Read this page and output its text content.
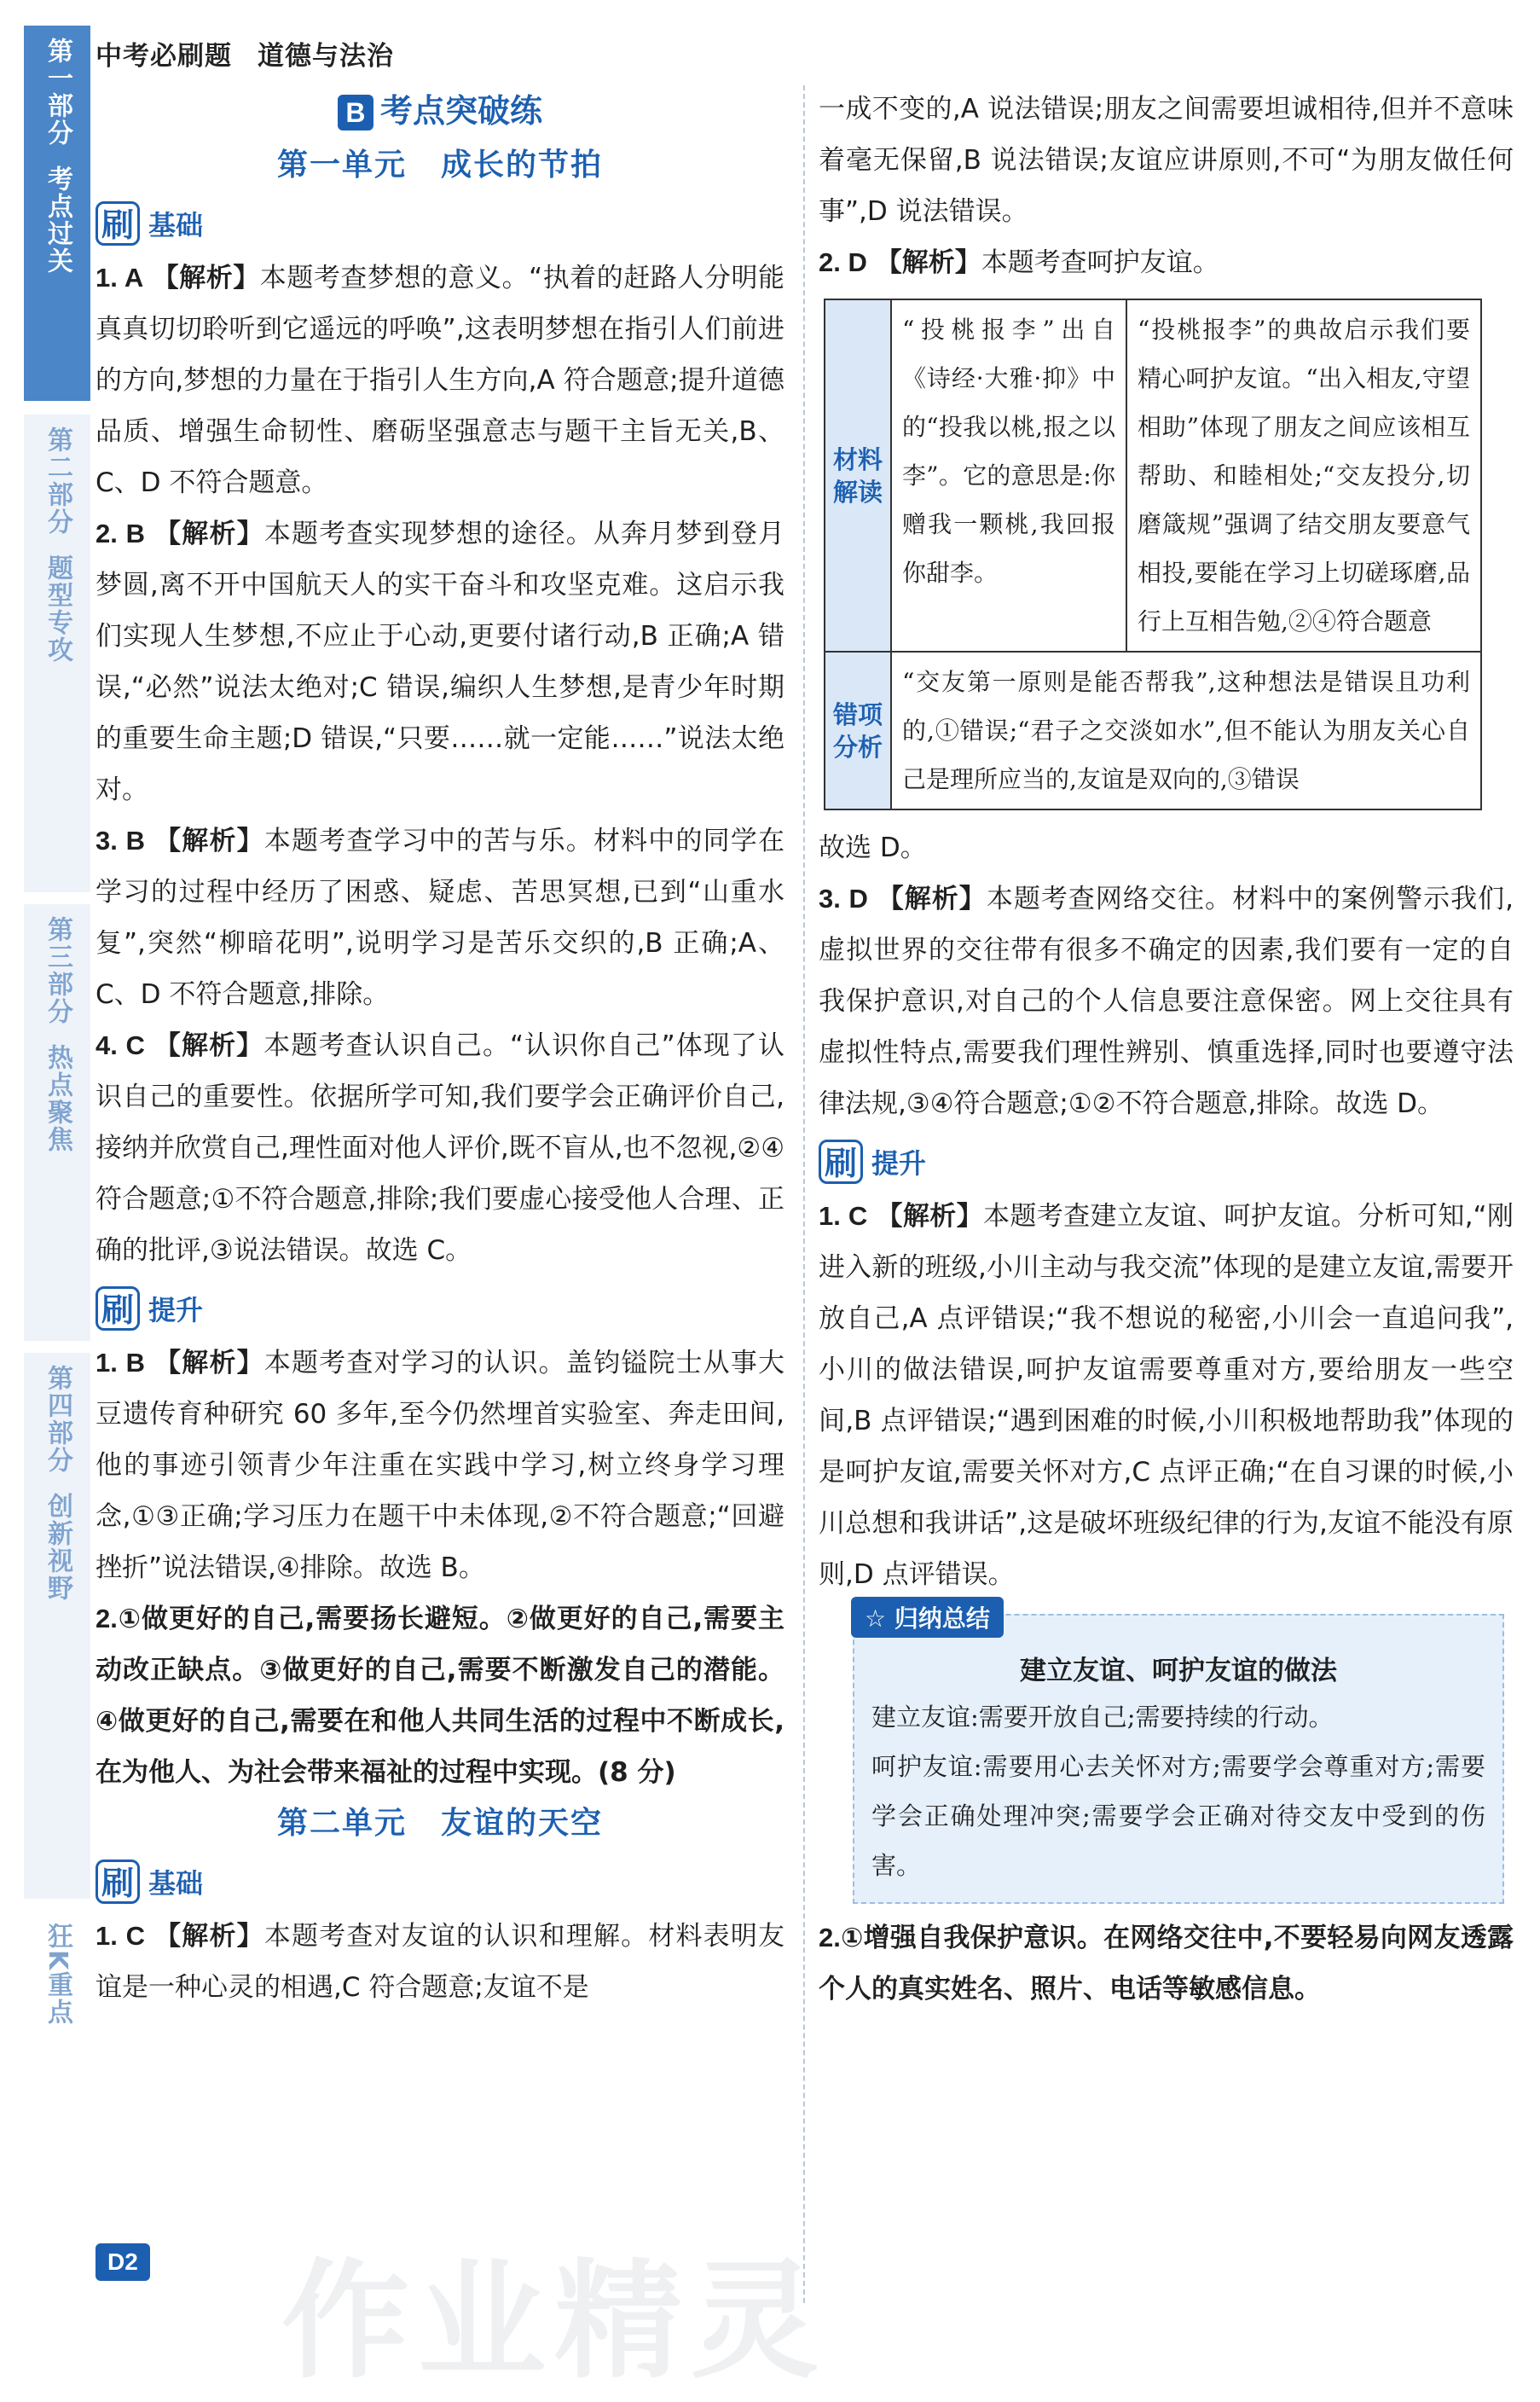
第一部分考点过关
第二部分题型专攻
第三部分热点聚焦
第四部分创新视野
狂K重点
中考必刷题 道德与法治
B 考点突破练
第一单元 成长的节拍
刷 基础

1. A 【解析】本题考查梦想的意义。“执着的赶路人分明能真真切切聆听到它遥远的呼唤”,这表明梦想在指引人们前进的方向,梦想的力量在于指引人生方向,A 符合题意;提升道德品质、增强生命韧性、磨砺坚强意志与题干主旨无关,B、C、D 不符合题意。

2. B 【解析】本题考查实现梦想的途径。从奔月梦到登月梦圆,离不开中国航天人的实干奋斗和攻坚克难。这启示我们实现人生梦想,不应止于心动,更要付诸行动,B 正确;A 错误,“必然”说法太绝对;C 错误,编织人生梦想,是青少年时期的重要生命主题;D 错误,“只要……就一定能……”说法太绝对。

3. B 【解析】本题考查学习中的苦与乐。材料中的同学在学习的过程中经历了困惑、疑虑、苦思冥想,已到“山重水复”,突然“柳暗花明”,说明学习是苦乐交织的,B 正确;A、C、D 不符合题意,排除。

4. C 【解析】本题考查认识自己。“认识你自己”体现了认识自己的重要性。依据所学可知,我们要学会正确评价自己,接纳并欣赏自己,理性面对他人评价,既不盲从,也不忽视,②④符合题意;①不符合题意,排除;我们要虚心接受他人合理、正确的批评,③说法错误。故选 C。

刷 提升

1. B 【解析】本题考查对学习的认识。盖钧镒院士从事大豆遗传育种研究 60 多年,至今仍然埋首实验室、奔走田间,他的事迹引领青少年注重在实践中学习,树立终身学习理念,①③正确;学习压力在题干中未体现,②不符合题意;“回避挫折”说法错误,④排除。故选 B。

2.①做更好的自己,需要扬长避短。②做更好的自己,需要主动改正缺点。③做更好的自己,需要不断激发自己的潜能。④做更好的自己,需要在和他人共同生活的过程中不断成长,在为他人、为社会带来福祉的过程中实现。(8 分)

第二单元 友谊的天空
刷 基础

1. C 【解析】本题考查对友谊的认识和理解。材料表明友谊是一种心灵的相遇,C 符合题意;友谊不是

一成不变的,A 说法错误;朋友之间需要坦诚相待,但并不意味着毫无保留,B 说法错误;友谊应讲原则,不可“为朋友做任何事”,D 说法错误。

2. D 【解析】本题考查呵护友谊。

材料解读
“投桃报李”出自《诗经·大雅·抑》中的“投我以桃,报之以李”。它的意思是:你赠我一颗桃,我回报你甜李。
“投桃报李”的典故启示我们要精心呵护友谊。“出入相友,守望相助”体现了朋友之间应该相互帮助、和睦相处;“交友投分,切磨箴规”强调了结交朋友要意气相投,要能在学习上切磋琢磨,品行上互相告勉,②④符合题意
错项分析
“交友第一原则是能否帮我”,这种想法是错误且功利的,①错误;“君子之交淡如水”,但不能认为朋友关心自己是理所应当的,友谊是双向的,③错误

故选 D。

3. D 【解析】本题考查网络交往。材料中的案例警示我们,虚拟世界的交往带有很多不确定的因素,我们要有一定的自我保护意识,对自己的个人信息要注意保密。网上交往具有虚拟性特点,需要我们理性辨别、慎重选择,同时也要遵守法律法规,③④符合题意;①②不符合题意,排除。故选 D。

刷 提升

1. C 【解析】本题考查建立友谊、呵护友谊。分析可知,“刚进入新的班级,小川主动与我交流”体现的是建立友谊,需要开放自己,A 点评错误;“我不想说的秘密,小川会一直追问我”,小川的做法错误,呵护友谊需要尊重对方,要给朋友一些空间,B 点评错误;“遇到困难的时候,小川积极地帮助我”体现的是呵护友谊,需要关怀对方,C 点评正确;“在自习课的时候,小川总想和我讲话”,这是破坏班级纪律的行为,友谊不能没有原则,D 点评错误。

☆ 归纳总结
建立友谊、呵护友谊的做法
建立友谊:需要开放自己;需要持续的行动。
呵护友谊:需要用心去关怀对方;需要学会尊重对方;需要学会正确处理冲突;需要学会正确对待交友中受到的伤害。

2.①增强自我保护意识。在网络交往中,不要轻易向网友透露个人的真实姓名、照片、电话等敏感信息。

D2 作业精灵
